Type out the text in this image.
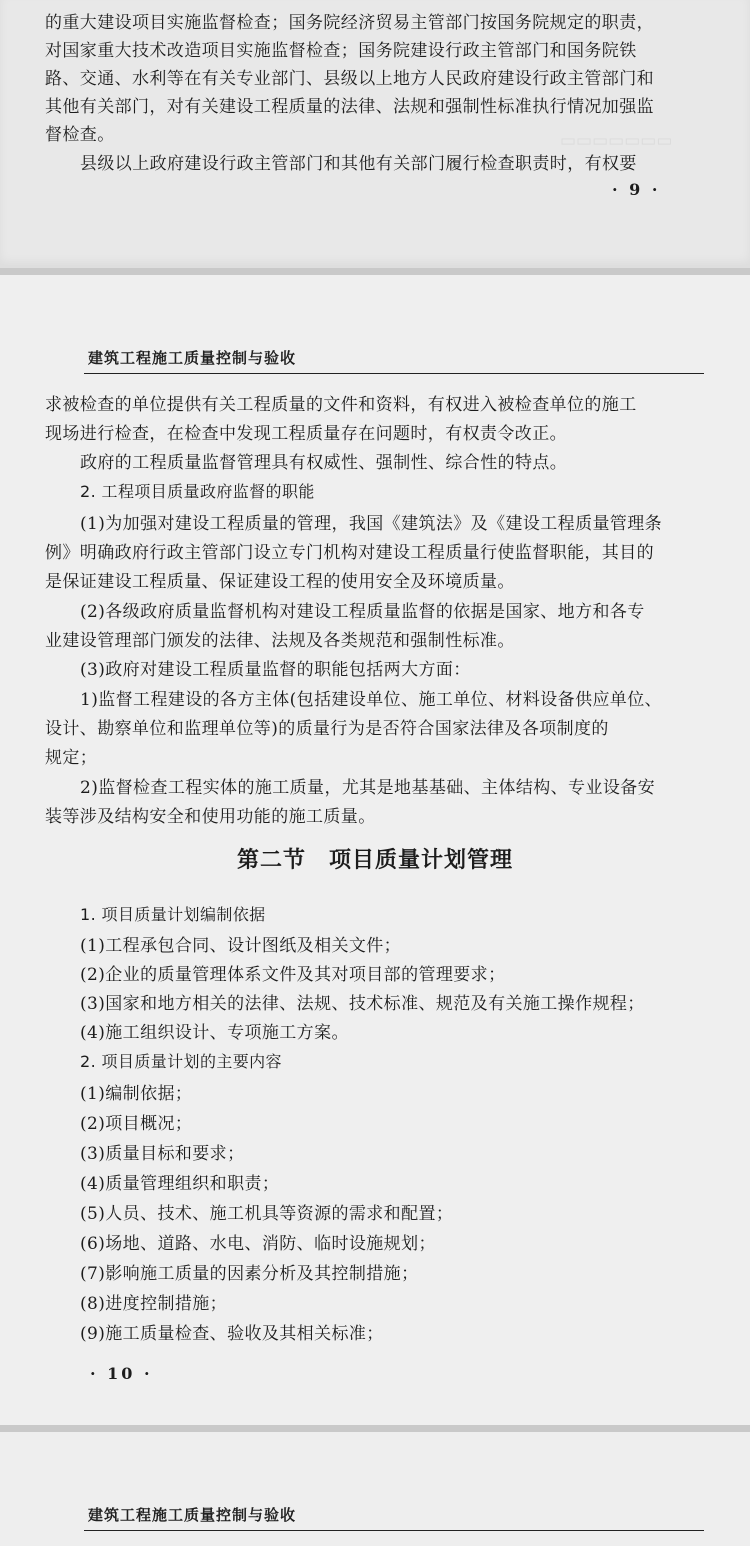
▭▭▭▭▭▭▭
的重大建设项目实施监督检查；国务院经济贸易主管部门按国务院规定的职责，
对国家重大技术改造项目实施监督检查；国务院建设行政主管部门和国务院铁
路、交通、水利等在有关专业部门、县级以上地方人民政府建设行政主管部门和
其他有关部门，对有关建设工程质量的法律、法规和强制性标准执行情况加强监
督检查。
县级以上政府建设行政主管部门和其他有关部门履行检查职责时，有权要
· 9 ·
建筑工程施工质量控制与验收
求被检查的单位提供有关工程质量的文件和资料，有权进入被检查单位的施工
现场进行检查，在检查中发现工程质量存在问题时，有权责令改正。
政府的工程质量监督管理具有权威性、强制性、综合性的特点。
2. 工程项目质量政府监督的职能
(1)为加强对建设工程质量的管理，我国《建筑法》及《建设工程质量管理条
例》明确政府行政主管部门设立专门机构对建设工程质量行使监督职能，其目的
是保证建设工程质量、保证建设工程的使用安全及环境质量。
(2)各级政府质量监督机构对建设工程质量监督的依据是国家、地方和各专
业建设管理部门颁发的法律、法规及各类规范和强制性标准。
(3)政府对建设工程质量监督的职能包括两大方面：
1)监督工程建设的各方主体(包括建设单位、施工单位、材料设备供应单位、
设计、勘察单位和监理单位等)的质量行为是否符合国家法律及各项制度的
规定；
2)监督检查工程实体的施工质量，尤其是地基基础、主体结构、专业设备安
装等涉及结构安全和使用功能的施工质量。
第二节　项目质量计划管理
1. 项目质量计划编制依据
(1)工程承包合同、设计图纸及相关文件；
(2)企业的质量管理体系文件及其对项目部的管理要求；
(3)国家和地方相关的法律、法规、技术标准、规范及有关施工操作规程；
(4)施工组织设计、专项施工方案。
2. 项目质量计划的主要内容
(1)编制依据；
(2)项目概况；
(3)质量目标和要求；
(4)质量管理组织和职责；
(5)人员、技术、施工机具等资源的需求和配置；
(6)场地、道路、水电、消防、临时设施规划；
(7)影响施工质量的因素分析及其控制措施；
(8)进度控制措施；
(9)施工质量检查、验收及其相关标准；
· 10 ·
建筑工程施工质量控制与验收
